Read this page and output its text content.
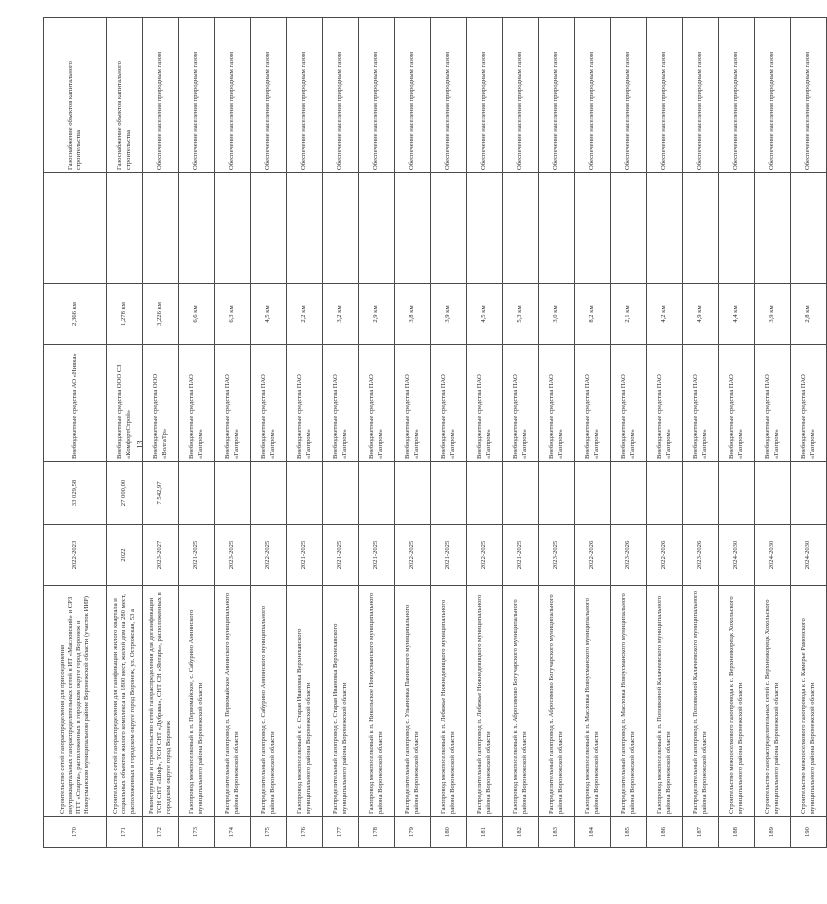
13
170	Строительство сетей газораспределения для присоединения внутриквартальных газораспределительных сетей в ИТ «Масловский» и СРЗ ПТТ «Спарта», расположенных в городском округе город Воронеж и Новоусманском муниципальном районе Воронежской области (участок ИИР)	2022-2023	33 029,58	Внебюджетные средства АО «Нивка»	2,366 км		Газоснабжение объектов капитального строительства
171	Строительство сетей газораспределения для газификации жилого квартала и социальных объектов жилого комплекса на 1800 мест, жилой дом на 280 мест, расположенных в городском округе город Воронеж, ул. Острожская, 53 а	2022	27 000,00	Внебюджетные средства ООО СЗ «КомфортСтрой»	1,278 км		Газоснабжение объектов капитального строительства
172	Реконструкция и строительство сетей газораспределения для догазификации ТСН СНТ «Шиф», ТСН СНТ «Дубрава», СНТ СН «Янтарь», расположенных в городском округе город Воронеж	2023-2027	7 542,97	Внебюджетные средства ООО «ВолгаТр»	3,226 км		Обеспечение населения природным газом
173	Газопровод межпоселковый к п. Первомайское, с. Сабурино Аннинского муниципального района Воронежской области	2021-2025		Внебюджетные средства ПАО «Газпром»	6,6 км		Обеспечение населения природным газом
174	Распределительный газопровод п. Первомайское Аннинского муниципального района Воронежской области	2023-2025		Внебюджетные средства ПАО «Газпром»	6,3 км		Обеспечение населения природным газом
175	Распределительный газопровод с. Сабурино Аннинского муниципального района Воронежской области	2022-2025		Внебюджетные средства ПАО «Газпром»	4,5 км		Обеспечение населения природным газом
176	Газопровод межпоселковый к с. Старая Ивановка Верхнехавского муниципального района Воронежской области	2021-2025		Внебюджетные средства ПАО «Газпром»	2,2 км		Обеспечение населения природным газом
177	Распределительный газопровод с. Старая Ивановка Верхнехавского муниципального района Воронежской области	2021-2025		Внебюджетные средства ПАО «Газпром»	3,2 км		Обеспечение населения природным газом
178	Газопровод межпоселковый к п. Никольское Новоусманского муниципального района Воронежской области	2021-2025		Внебюджетные средства ПАО «Газпром»	2,9 км		Обеспечение населения природным газом
179	Распределительный газопровод с. Ульяновка Панинского муниципального района Воронежской области	2022-2025		Внебюджетные средства ПАО «Газпром»	3,8 км		Обеспечение населения природным газом
180	Газопровод межпоселковый к п. Лебяжье Нижнедевицкого муниципального района Воронежской области	2021-2025		Внебюджетные средства ПАО «Газпром»	3,9 км		Обеспечение населения природным газом
181	Распределительный газопровод п. Лебяжье Нижнедевицкого муниципального района Воронежской области	2022-2025		Внебюджетные средства ПАО «Газпром»	4,5 км		Обеспечение населения природным газом
182	Газопровод межпоселковый к х. Абросимово Богучарского муниципального района Воронежской области	2021-2025		Внебюджетные средства ПАО «Газпром»	5,3 км		Обеспечение населения природным газом
183	Распределительный газопровод х. Абросимово Богучарского муниципального района Воронежской области	2023-2025		Внебюджетные средства ПАО «Газпром»	3,0 км		Обеспечение населения природным газом
184	Газопровод межпоселковый к п. Масловка Новоусманского муниципального района Воронежской области	2022-2026		Внебюджетные средства ПАО «Газпром»	8,2 км		Обеспечение населения природным газом
185	Распределительный газопровод п. Масловка Новоусманского муниципального района Воронежской области	2023-2026		Внебюджетные средства ПАО «Газпром»	2,1 км		Обеспечение населения природным газом
186	Газопровод межпоселковый к п. Поповкиной Калачеевского муниципального района Воронежской области	2022-2026		Внебюджетные средства ПАО «Газпром»	4,2 км		Обеспечение населения природным газом
187	Распределительный газопровод п. Поповкиной Калачеевского муниципального района Воронежской области	2023-2026		Внебюджетные средства ПАО «Газпром»	4,9 км		Обеспечение населения природным газом
188	Строительство межпоселкового газопровода к с. Верхнеикорецк Хохольского муниципального района Воронежской области	2024-2030		Внебюджетные средства ПАО «Газпром»	4,4 км		Обеспечение населения природным газом
189	Строительство газораспределительных сетей с. Верхнеикорецк Хохольского муниципального района Воронежской области	2024-2030		Внебюджетные средства ПАО «Газпром»	3,9 км		Обеспечение населения природным газом
190	Строительство межпоселкового газопровода к с. Камерье Рамонского муниципального района Воронежской области	2024-2030		Внебюджетные средства ПАО «Газпром»	2,8 км		Обеспечение населения природным газом
